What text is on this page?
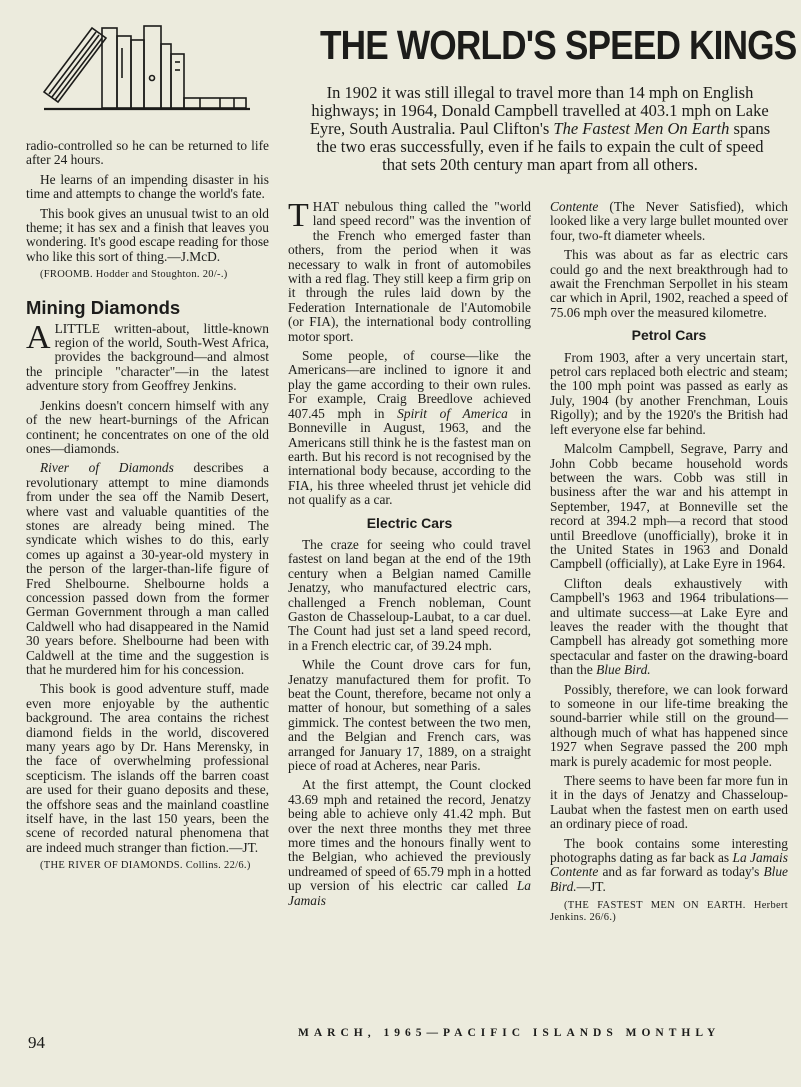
THE WORLD'S SPEED KINGS

In 1902 it was still illegal to travel more than 14 mph on English highways; in 1964, Donald Campbell travelled at 403.1 mph on Lake Eyre, South Australia. Paul Clifton's The Fastest Men On Earth spans the two eras successfully, even if he fails to expain the cult of speed that sets 20th century man apart from all others.

radio-controlled so he can be returned to life after 24 hours.

He learns of an impending disaster in his time and attempts to change the world's fate.

This book gives an unusual twist to an old theme; it has sex and a finish that leaves you wondering. It's good escape reading for those who like this sort of thing.—J.McD.

(FROOMB. Hodder and Stoughton. 20/-.)

Mining Diamonds

ALITTLE written-about, little-known region of the world, South-West Africa, provides the background—and almost the principle "character"—in the latest adventure story from Geoffrey Jenkins.

Jenkins doesn't concern himself with any of the new heart-burnings of the African continent; he concentrates on one of the old ones—diamonds.

River of Diamonds describes a revolutionary attempt to mine diamonds from under the sea off the Namib Desert, where vast and valuable quantities of the stones are already being mined. The syndicate which wishes to do this, early comes up against a 30-year-old mystery in the person of the larger-than-life figure of Fred Shelbourne. Shelbourne holds a concession passed down from the former German Government through a man called Caldwell who had disappeared in the Namid 30 years before. Shelbourne had been with Caldwell at the time and the suggestion is that he murdered him for his concession.

This book is good adventure stuff, made even more enjoyable by the authentic background. The area contains the richest diamond fields in the world, discovered many years ago by Dr. Hans Merensky, in the face of overwhelming professional scepticism. The islands off the barren coast are used for their guano deposits and these, the offshore seas and the mainland coastline itself have, in the last 150 years, been the scene of recorded natural phenomena that are indeed much stranger than fiction.—JT.

(THE RIVER OF DIAMONDS. Collins. 22/6.)

THAT nebulous thing called the "world land speed record" was the invention of the French who emerged faster than others, from the period when it was necessary to walk in front of automobiles with a red flag. They still keep a firm grip on it through the rules laid down by the Federation Internationale de l'Automobile (or FIA), the international body controlling motor sport.

Some people, of course—like the Americans—are inclined to ignore it and play the game according to their own rules. For example, Craig Breedlove achieved 407.45 mph in Spirit of America in Bonneville in August, 1963, and the Americans still think he is the fastest man on earth. But his record is not recognised by the international body because, according to the FIA, his three wheeled thrust jet vehicle did not qualify as a car.

Electric Cars

The craze for seeing who could travel fastest on land began at the end of the 19th century when a Belgian named Camille Jenatzy, who manufactured electric cars, challenged a French nobleman, Count Gaston de Chasseloup-Laubat, to a car duel. The Count had just set a land speed record, in a French electric car, of 39.24 mph.

While the Count drove cars for fun, Jenatzy manufactured them for profit. To beat the Count, therefore, became not only a matter of honour, but something of a sales gimmick. The contest between the two men, and the Belgian and French cars, was arranged for January 17, 1889, on a straight piece of road at Acheres, near Paris.

At the first attempt, the Count clocked 43.69 mph and retained the record, Jenatzy being able to achieve only 41.42 mph. But over the next three months they met three more times and the honours finally went to the Belgian, who achieved the previously undreamed of speed of 65.79 mph in a hotted up version of his electric car called La Jamais

Contente (The Never Satisfied), which looked like a very large bullet mounted over four, two-ft diameter wheels.

This was about as far as electric cars could go and the next breakthrough had to await the Frenchman Serpollet in his steam car which in April, 1902, reached a speed of 75.06 mph over the measured kilometre.

Petrol Cars

From 1903, after a very uncertain start, petrol cars replaced both electric and steam; the 100 mph point was passed as early as July, 1904 (by another Frenchman, Louis Rigolly); and by the 1920's the British had left everyone else far behind.

Malcolm Campbell, Segrave, Parry and John Cobb became household words between the wars. Cobb was still in business after the war and his attempt in September, 1947, at Bonneville set the record at 394.2 mph—a record that stood until Breedlove (unofficially), broke it in the United States in 1963 and Donald Campbell (officially), at Lake Eyre in 1964.

Clifton deals exhaustively with Campbell's 1963 and 1964 tribulations—and ultimate success—at Lake Eyre and leaves the reader with the thought that Campbell has already got something more spectacular and faster on the drawing-board than the Blue Bird.

Possibly, therefore, we can look forward to someone in our life-time breaking the sound-barrier while still on the ground—although much of what has happened since 1927 when Segrave passed the 200 mph mark is purely academic for most people.

There seems to have been far more fun in it in the days of Jenatzy and Chasseloup-Laubat when the fastest men on earth used an ordinary piece of road.

The book contains some interesting photographs dating as far back as La Jamais Contente and as far forward as today's Blue Bird.—JT.

(THE FASTEST MEN ON EARTH. Herbert Jenkins. 26/6.)

94	MARCH, 1965—PACIFIC ISLANDS MONTHLY
